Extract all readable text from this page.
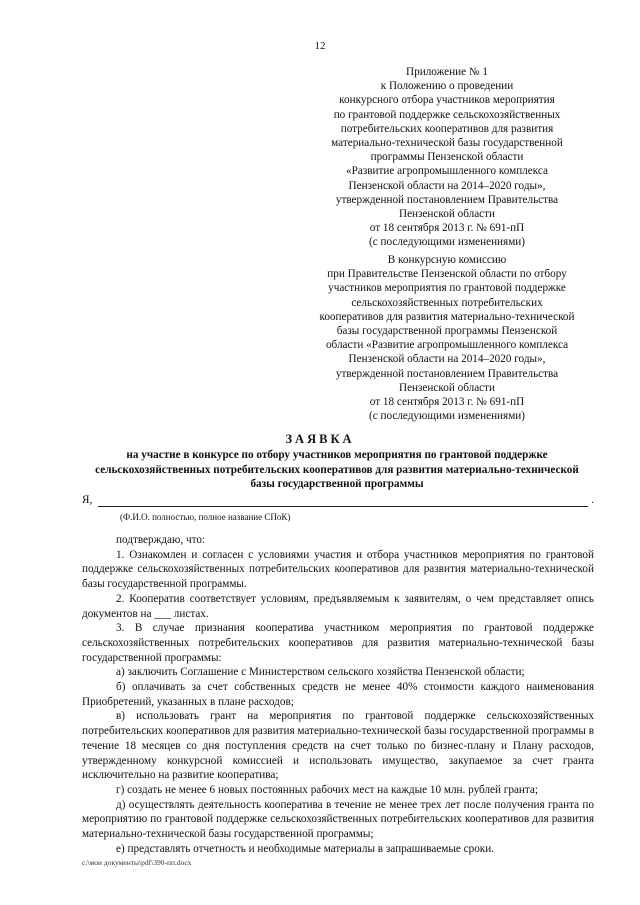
12
Приложение № 1
к Положению о проведении
конкурсного отбора участников мероприятия
по грантовой поддержке сельскохозяйственных
потребительских кооперативов для развития
материально-технической базы государственной
программы Пензенской области
«Развитие агропромышленного комплекса
Пензенской области на 2014–2020 годы»,
утвержденной постановлением Правительства
Пензенской области
от 18 сентября 2013 г. № 691-пП
(с последующими изменениями)
В конкурсную комиссию
при Правительстве Пензенской области по отбору
участников мероприятия по грантовой поддержке
сельскохозяйственных потребительских
кооперативов для развития материально-технической
базы государственной программы Пензенской
области «Развитие агропромышленного комплекса
Пензенской области на 2014–2020 годы»,
утвержденной постановлением Правительства
Пензенской области
от 18 сентября 2013 г. № 691-пП
(с последующими изменениями)
ЗАЯВКА
на участие в конкурсе по отбору участников мероприятия по грантовой поддержке сельскохозяйственных потребительских кооперативов для развития материально-технической базы государственной программы
Я,	.
(Ф.И.О. полностью, полное название СПоК)

подтверждаю, что:

1. Ознакомлен и согласен с условиями участия и отбора участников мероприятия по грантовой поддержке сельскохозяйственных потребительских кооперативов для развития материально-технической базы государственной программы.

2. Кооператив соответствует условиям, предъявляемым к заявителям, о чем представляет опись документов на ___ листах.

3. В случае признания кооператива участником мероприятия по грантовой поддержке сельскохозяйственных потребительских кооперативов для развития материально-технической базы государственной программы:

а) заключить Соглашение с Министерством сельского хозяйства Пензенской области;

б) оплачивать за счет собственных средств не менее 40% стоимости каждого наименования Приобретений, указанных в плане расходов;

в) использовать грант на мероприятия по грантовой поддержке сельскохозяйственных потребительских кооперативов для развития материально-технической базы государственной программы в течение 18 месяцев со дня поступления средств на счет только по бизнес-плану и Плану расходов, утвержденному конкурсной комиссией и использовать имущество, закупаемое за счет гранта исключительно на развитие кооператива;

г) создать не менее 6 новых постоянных рабочих мест на каждые 10 млн. рублей гранта;

д) осуществлять деятельность кооператива в течение не менее трех лет после получения гранта по мероприятию по грантовой поддержке сельскохозяйственных потребительских кооперативов для развития материально-технической базы государственной программы;

е) представлять отчетность и необходимые материалы в запрашиваемые сроки.

c:\мои документы\pdf\390-пп.docx
